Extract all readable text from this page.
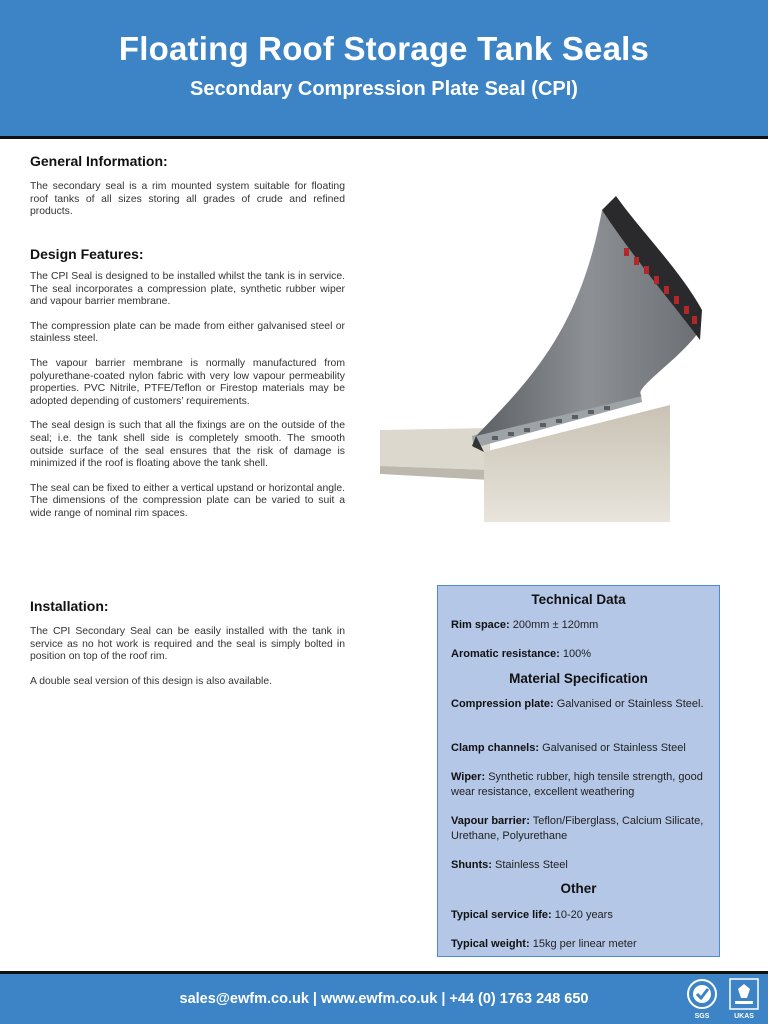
Floating Roof Storage Tank Seals
Secondary Compression Plate Seal (CPI)
General Information:

The secondary seal is a rim mounted system suitable for floating roof tanks of all sizes storing all grades of crude and refined products.

Design Features:

The CPI Seal is designed to be installed whilst the tank is in service. The seal incorporates a compression plate, synthetic rubber wiper and vapour barrier membrane.

The compression plate can be made from either galvanised steel or stainless steel.

The vapour barrier membrane is normally manufactured from polyurethane-coated nylon fabric with very low vapour permeability properties. PVC Nitrile, PTFE/Teflon or Firestop materials may be adopted depending of customers’ requirements.

The seal design is such that all the fixings are on the outside of the seal; i.e. the tank shell side is completely smooth. The smooth outside surface of the seal ensures that the risk of damage is minimized if the roof is floating above the tank shell.

The seal can be fixed to either a vertical upstand or horizontal angle. The dimensions of the compression plate can be varied to suit a wide range of nominal rim spaces.

Installation:

The CPI Secondary Seal can be easily installed with the tank in service as no hot work is required and the seal is simply bolted in position on top of the roof rim.

A double seal version of this design is also available.

Technical Data
Rim space: 200mm ± 120mm
Aromatic resistance: 100%
Material Specification
Compression plate: Galvanised or Stainless Steel.
Clamp channels: Galvanised or Stainless Steel
Wiper: Synthetic rubber, high tensile strength, good wear resistance, excellent weathering
Vapour barrier: Teflon/Fiberglass, Calcium Silicate, Urethane, Polyurethane
Shunts: Stainless Steel
Other
Typical service life: 10-20 years
Typical weight: 15kg per linear meter
sales@ewfm.co.uk | www.ewfm.co.uk | +44 (0) 1763 248 650
SGS	UKAS
